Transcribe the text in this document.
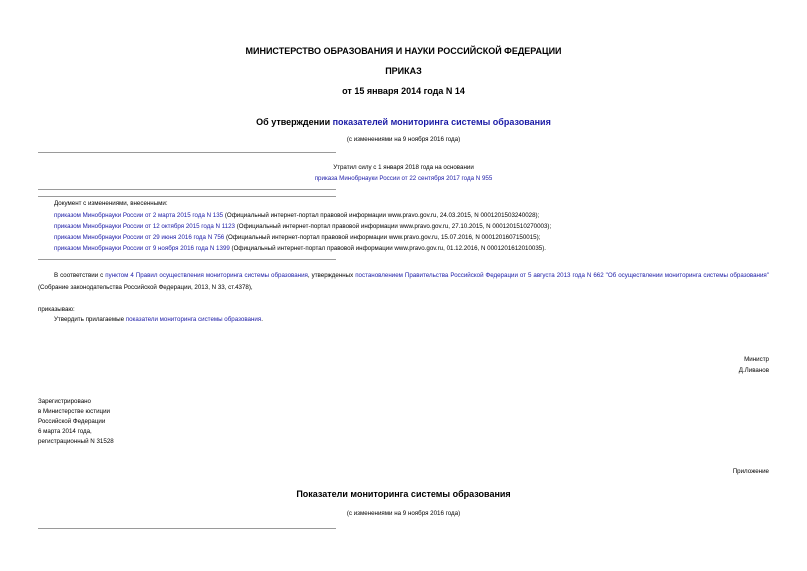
МИНИСТЕРСТВО ОБРАЗОВАНИЯ И НАУКИ РОССИЙСКОЙ ФЕДЕРАЦИИ
ПРИКАЗ
от 15 января 2014 года N 14
Об утверждении показателей мониторинга системы образования
(с изменениями на 9 ноября 2016 года)
Утратил силу с 1 января 2018 года на основании
приказа Минобрнауки России от 22 сентября 2017 года N 955
Документ с изменениями, внесенными:
приказом Минобрнауки России от 2 марта 2015 года N 135 (Официальный интернет-портал правовой информации www.pravo.gov.ru, 24.03.2015, N 0001201503240028);
приказом Минобрнауки России от 12 октября 2015 года N 1123 (Официальный интернет-портал правовой информации www.pravo.gov.ru, 27.10.2015, N 0001201510270003);
приказом Минобрнауки России от 29 июня 2016 года N 756 (Официальный интернет-портал правовой информации www.pravo.gov.ru, 15.07.2016, N 0001201607150015);
приказом Минобрнауки России от 9 ноября 2016 года N 1399 (Официальный интернет-портал правовой информации www.pravo.gov.ru, 01.12.2016, N 0001201612010035).
В соответствии с пунктом 4 Правил осуществления мониторинга системы образования, утвержденных постановлением Правительства Российской Федерации от 5 августа 2013 года N 662 "Об осуществлении мониторинга системы образования" (Собрание законодательства Российской Федерации, 2013, N 33, ст.4378),
приказываю:
Утвердить прилагаемые показатели мониторинга системы образования.
Министр
Д.Ливанов
Зарегистрировано
в Министерстве юстиции
Российской Федерации
6 марта 2014 года,
регистрационный N 31528
Приложение
Показатели мониторинга системы образования
(с изменениями на 9 ноября 2016 года)
